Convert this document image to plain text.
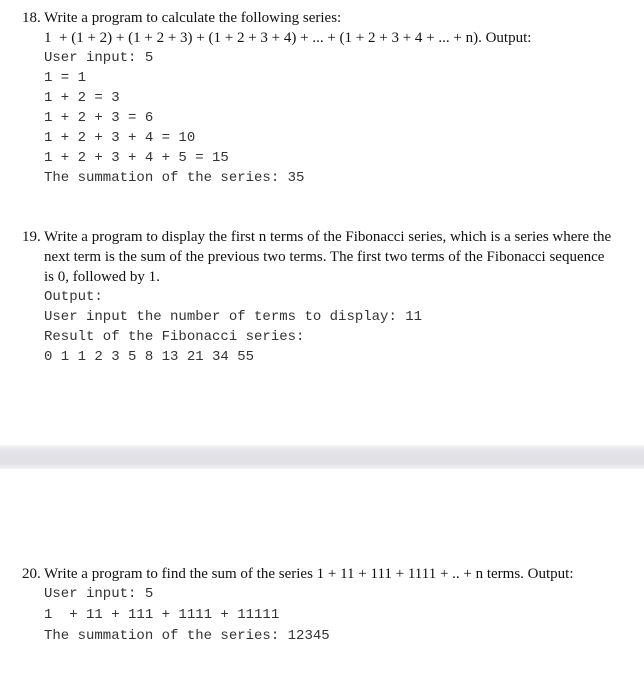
18. Write a program to calculate the following series:
1  + (1 + 2) + (1 + 2 + 3) + (1 + 2 + 3 + 4) + ... + (1 + 2 + 3 + 4 + ... + n). Output:
User input: 5
1 = 1
1 + 2 = 3
1 + 2 + 3 = 6
1 + 2 + 3 + 4 = 10
1 + 2 + 3 + 4 + 5 = 15
The summation of the series: 35
19. Write a program to display the first n terms of the Fibonacci series, which is a series where the
next term is the sum of the previous two terms. The first two terms of the Fibonacci sequence
is 0, followed by 1.
Output:
User input the number of terms to display: 11
Result of the Fibonacci series:
0 1 1 2 3 5 8 13 21 34 55
20. Write a program to find the sum of the series 1 + 11 + 111 + 1111 + .. + n terms. Output:
User input: 5
1  + 11 + 111 + 1111 + 11111
The summation of the series: 12345
